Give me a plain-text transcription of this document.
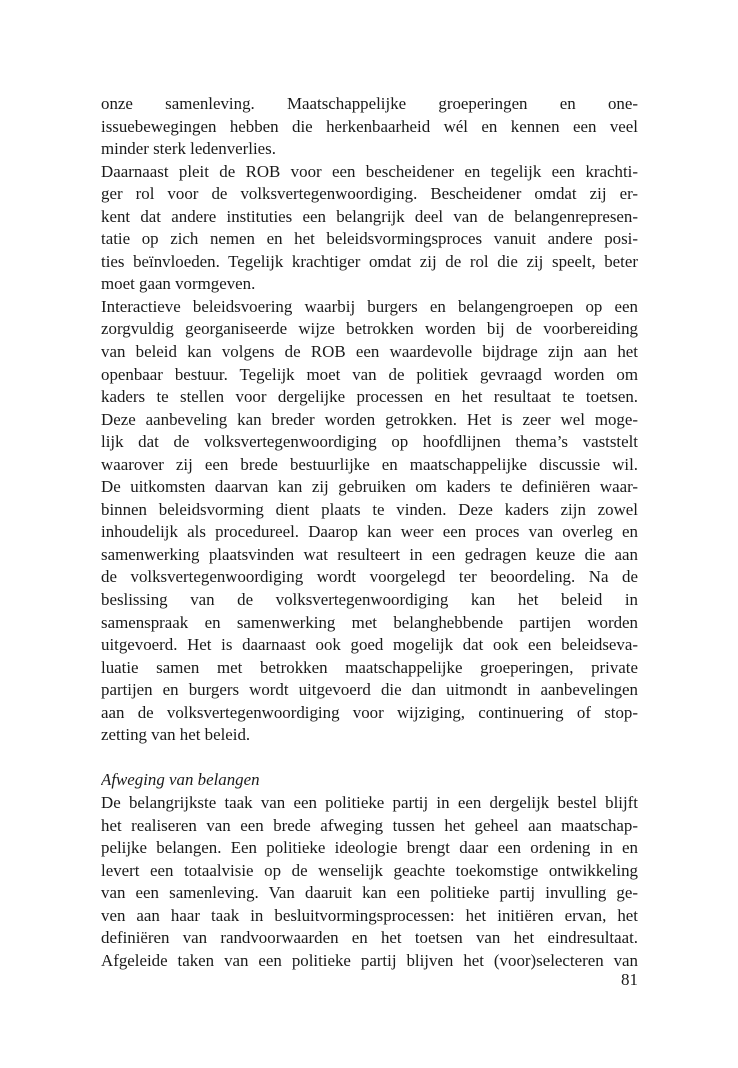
onze samenleving. Maatschappelijke groeperingen en one-
issuebewegingen hebben die herkenbaarheid wél en kennen een veel
minder sterk ledenverlies.
Daarnaast pleit de ROB voor een bescheidener en tegelijk een krachti-
ger rol voor de volksvertegenwoordiging. Bescheidener omdat zij er-
kent dat andere instituties een belangrijk deel van de belangenrepresen-
tatie op zich nemen en het beleidsvormingsproces vanuit andere posi-
ties beïnvloeden. Tegelijk krachtiger omdat zij de rol die zij speelt, beter
moet gaan vormgeven.
Interactieve beleidsvoering waarbij burgers en belangengroepen op een
zorgvuldig georganiseerde wijze betrokken worden bij de voorbereiding
van beleid kan volgens de ROB een waardevolle bijdrage zijn aan het
openbaar bestuur. Tegelijk moet van de politiek gevraagd worden om
kaders te stellen voor dergelijke processen en het resultaat te toetsen.
Deze aanbeveling kan breder worden getrokken. Het is zeer wel moge-
lijk dat de volksvertegenwoordiging op hoofdlijnen thema’s vaststelt
waarover zij een brede bestuurlijke en maatschappelijke discussie wil.
De uitkomsten daarvan kan zij gebruiken om kaders te definiëren waar-
binnen beleidsvorming dient plaats te vinden. Deze kaders zijn zowel
inhoudelijk als procedureel. Daarop kan weer een proces van overleg en
samenwerking plaatsvinden wat resulteert in een gedragen keuze die aan
de volksvertegenwoordiging wordt voorgelegd ter beoordeling. Na de
beslissing van de volksvertegenwoordiging kan het beleid in
samenspraak en samenwerking met belanghebbende partijen worden
uitgevoerd. Het is daarnaast ook goed mogelijk dat ook een beleidseva-
luatie samen met betrokken maatschappelijke groeperingen, private
partijen en burgers wordt uitgevoerd die dan uitmondt in aanbevelingen
aan de volksvertegenwoordiging voor wijziging, continuering of stop-
zetting van het beleid.
Afweging van belangen
De belangrijkste taak van een politieke partij in een dergelijk bestel blijft
het realiseren van een brede afweging tussen het geheel aan maatschap-
pelijke belangen. Een politieke ideologie brengt daar een ordening in en
levert een totaalvisie op de wenselijk geachte toekomstige ontwikkeling
van een samenleving. Van daaruit kan een politieke partij invulling ge-
ven aan haar taak in besluitvormingsprocessen: het initiëren ervan, het
definiëren van randvoorwaarden en het toetsen van het eindresultaat.
Afgeleide taken van een politieke partij blijven het (voor)selecteren van
81
